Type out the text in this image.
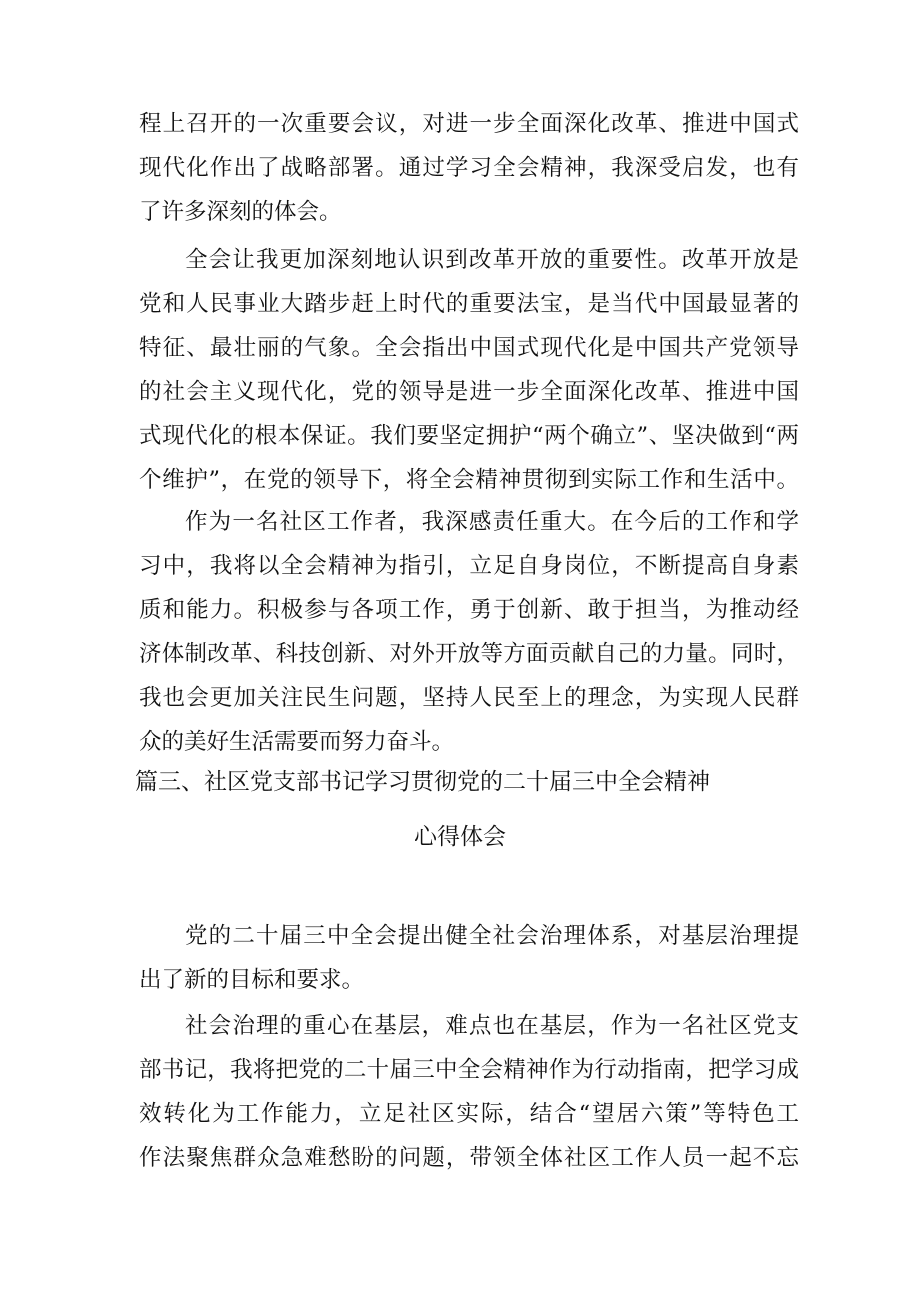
程上召开的一次重要会议，对进一步全面深化改革、推进中国式
现代化作出了战略部署。通过学习全会精神，我深受启发，也有
了许多深刻的体会。
全会让我更加深刻地认识到改革开放的重要性。改革开放是
党和人民事业大踏步赶上时代的重要法宝，是当代中国最显著的
特征、最壮丽的气象。全会指出中国式现代化是中国共产党领导
的社会主义现代化，党的领导是进一步全面深化改革、推进中国
式现代化的根本保证。我们要坚定拥护“两个确立”、坚决做到“两
个维护”，在党的领导下，将全会精神贯彻到实际工作和生活中。
作为一名社区工作者，我深感责任重大。在今后的工作和学
习中，我将以全会精神为指引，立足自身岗位，不断提高自身素
质和能力。积极参与各项工作，勇于创新、敢于担当，为推动经
济体制改革、科技创新、对外开放等方面贡献自己的力量。同时，
我也会更加关注民生问题，坚持人民至上的理念，为实现人民群
众的美好生活需要而努力奋斗。
篇三、社区党支部书记学习贯彻党的二十届三中全会精神
心得体会
党的二十届三中全会提出健全社会治理体系，对基层治理提
出了新的目标和要求。
社会治理的重心在基层，难点也在基层，作为一名社区党支
部书记，我将把党的二十届三中全会精神作为行动指南，把学习成
效转化为工作能力，立足社区实际，结合“望居六策”等特色工
作法聚焦群众急难愁盼的问题，带领全体社区工作人员一起不忘
